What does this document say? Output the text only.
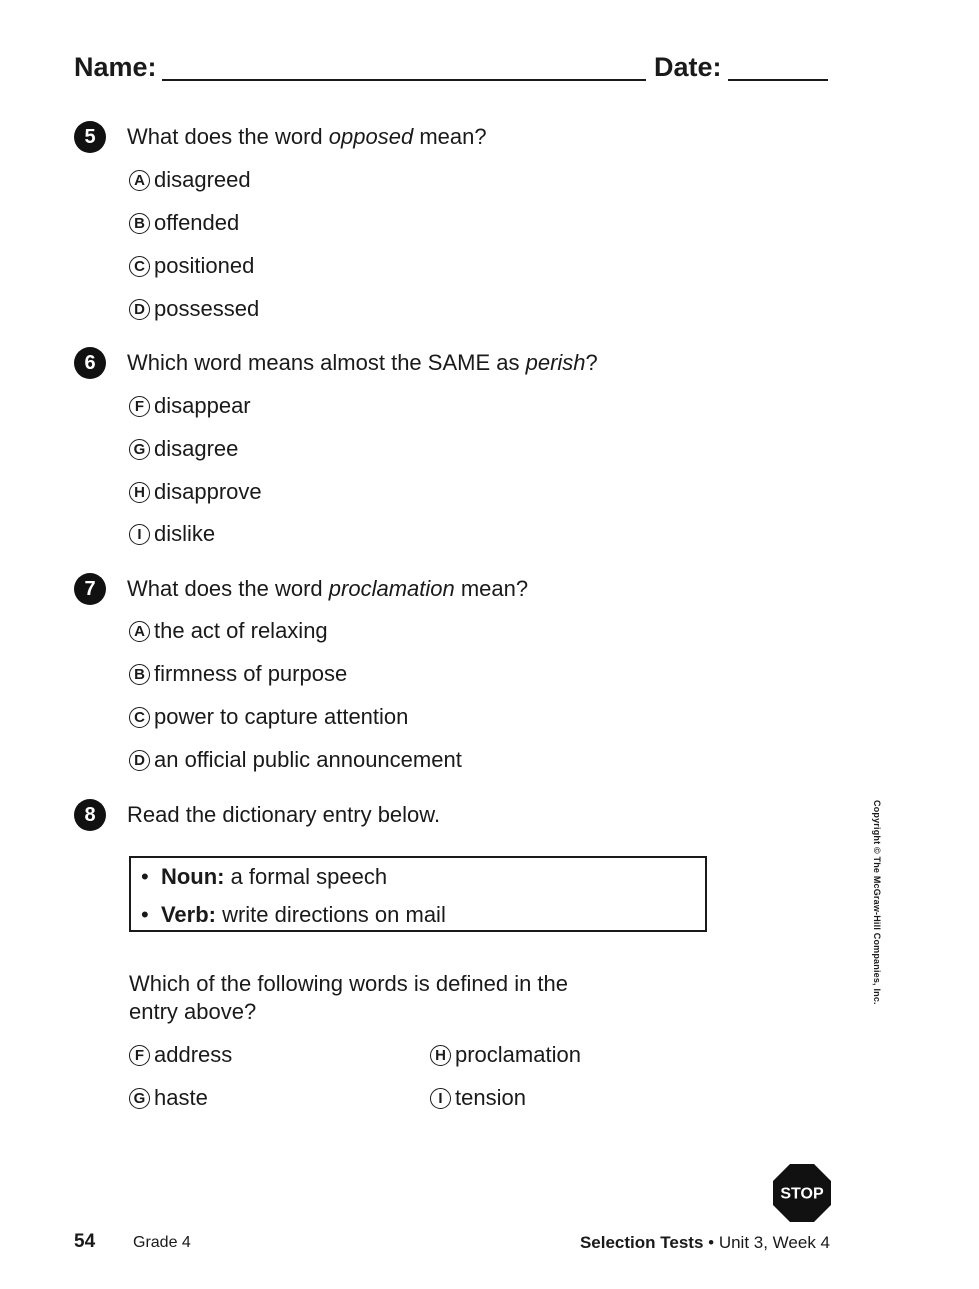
Name:	Date:
5	What does the word opposed mean?
A disagreed
B offended
C positioned
D possessed
6	Which word means almost the SAME as perish?
F disappear
G disagree
H disapprove
I dislike
7	What does the word proclamation mean?
A the act of relaxing
B firmness of purpose
C power to capture attention
D an official public announcement
8	Read the dictionary entry below.
• Noun: a formal speech
• Verb: write directions on mail
Which of the following words is defined in the
entry above?
F address	H proclamation
G haste	I tension
Copyright © The McGraw-Hill Companies, Inc.
STOP
54 Grade 4	Selection Tests • Unit 3, Week 4
